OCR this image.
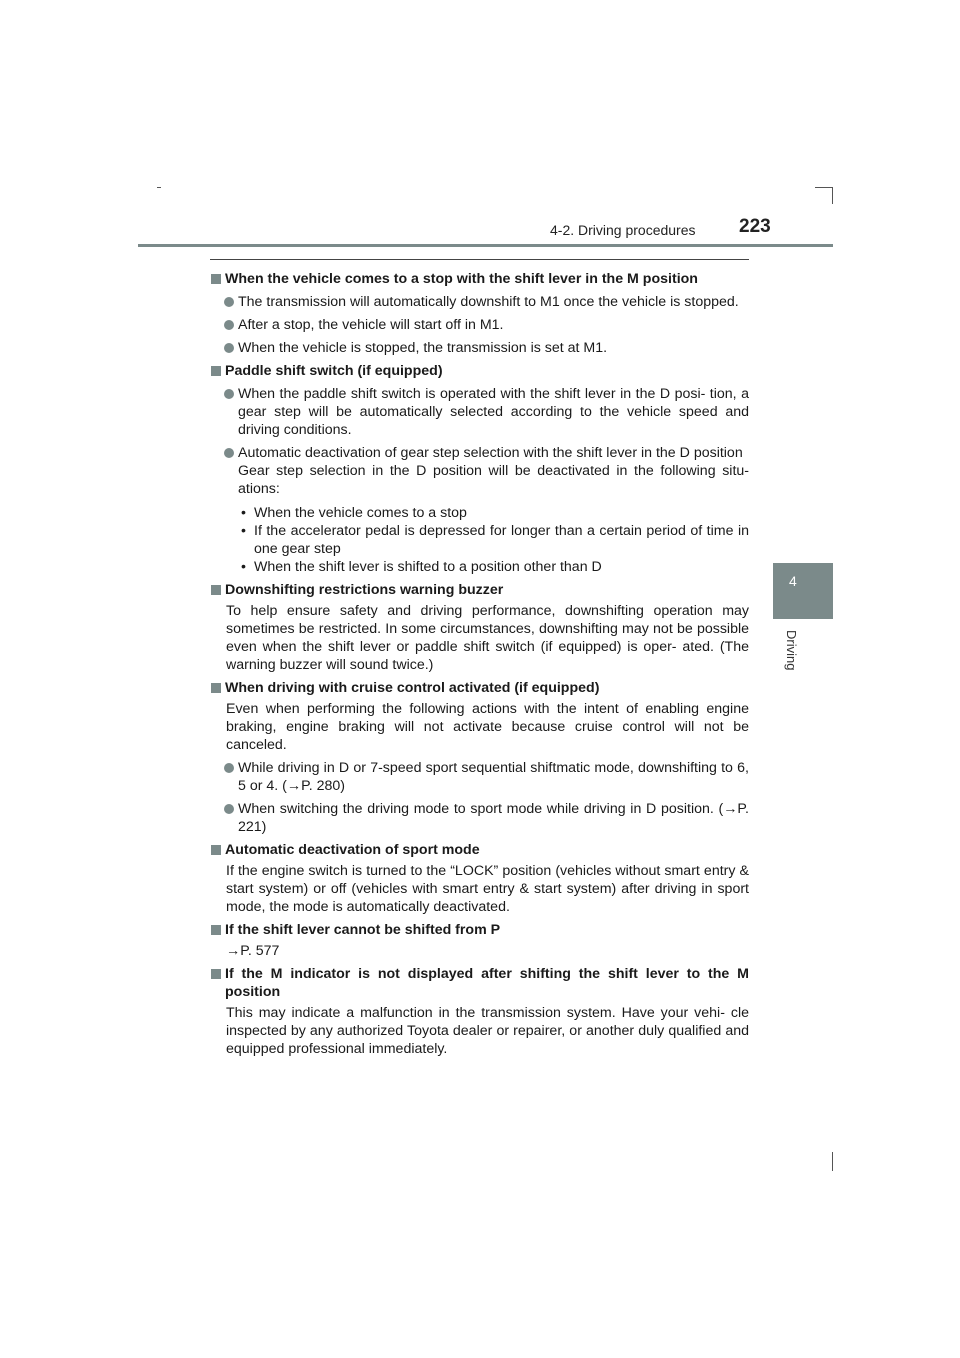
4-2. Driving procedures 223
4
Driving
When the vehicle comes to a stop with the shift lever in the M position
The transmission will automatically downshift to M1 once the vehicle is stopped.
After a stop, the vehicle will start off in M1.
When the vehicle is stopped, the transmission is set at M1.
Paddle shift switch (if equipped)
When the paddle shift switch is operated with the shift lever in the D posi- tion, a gear step will be automatically selected according to the vehicle speed and driving conditions.
Automatic deactivation of gear step selection with the shift lever in the D position
Gear step selection in the D position will be deactivated in the following situ- ations:
• When the vehicle comes to a stop
• If the accelerator pedal is depressed for longer than a certain period of time in one gear step
• When the shift lever is shifted to a position other than D
Downshifting restrictions warning buzzer
To help ensure safety and driving performance, downshifting operation may sometimes be restricted. In some circumstances, downshifting may not be possible even when the shift lever or paddle shift switch (if equipped) is oper- ated. (The warning buzzer will sound twice.)
When driving with cruise control activated (if equipped)
Even when performing the following actions with the intent of enabling engine braking, engine braking will not activate because cruise control will not be canceled.
While driving in D or 7-speed sport sequential shiftmatic mode, downshifting to 6, 5 or 4. (→P. 280)
When switching the driving mode to sport mode while driving in D position. (→P. 221)
Automatic deactivation of sport mode
If the engine switch is turned to the “LOCK” position (vehicles without smart entry & start system) or off (vehicles with smart entry & start system) after driving in sport mode, the mode is automatically deactivated.
If the shift lever cannot be shifted from P
→P. 577
If the M indicator is not displayed after shifting the shift lever to the M position
This may indicate a malfunction in the transmission system. Have your vehi- cle inspected by any authorized Toyota dealer or repairer, or another duly qualified and equipped professional immediately.
